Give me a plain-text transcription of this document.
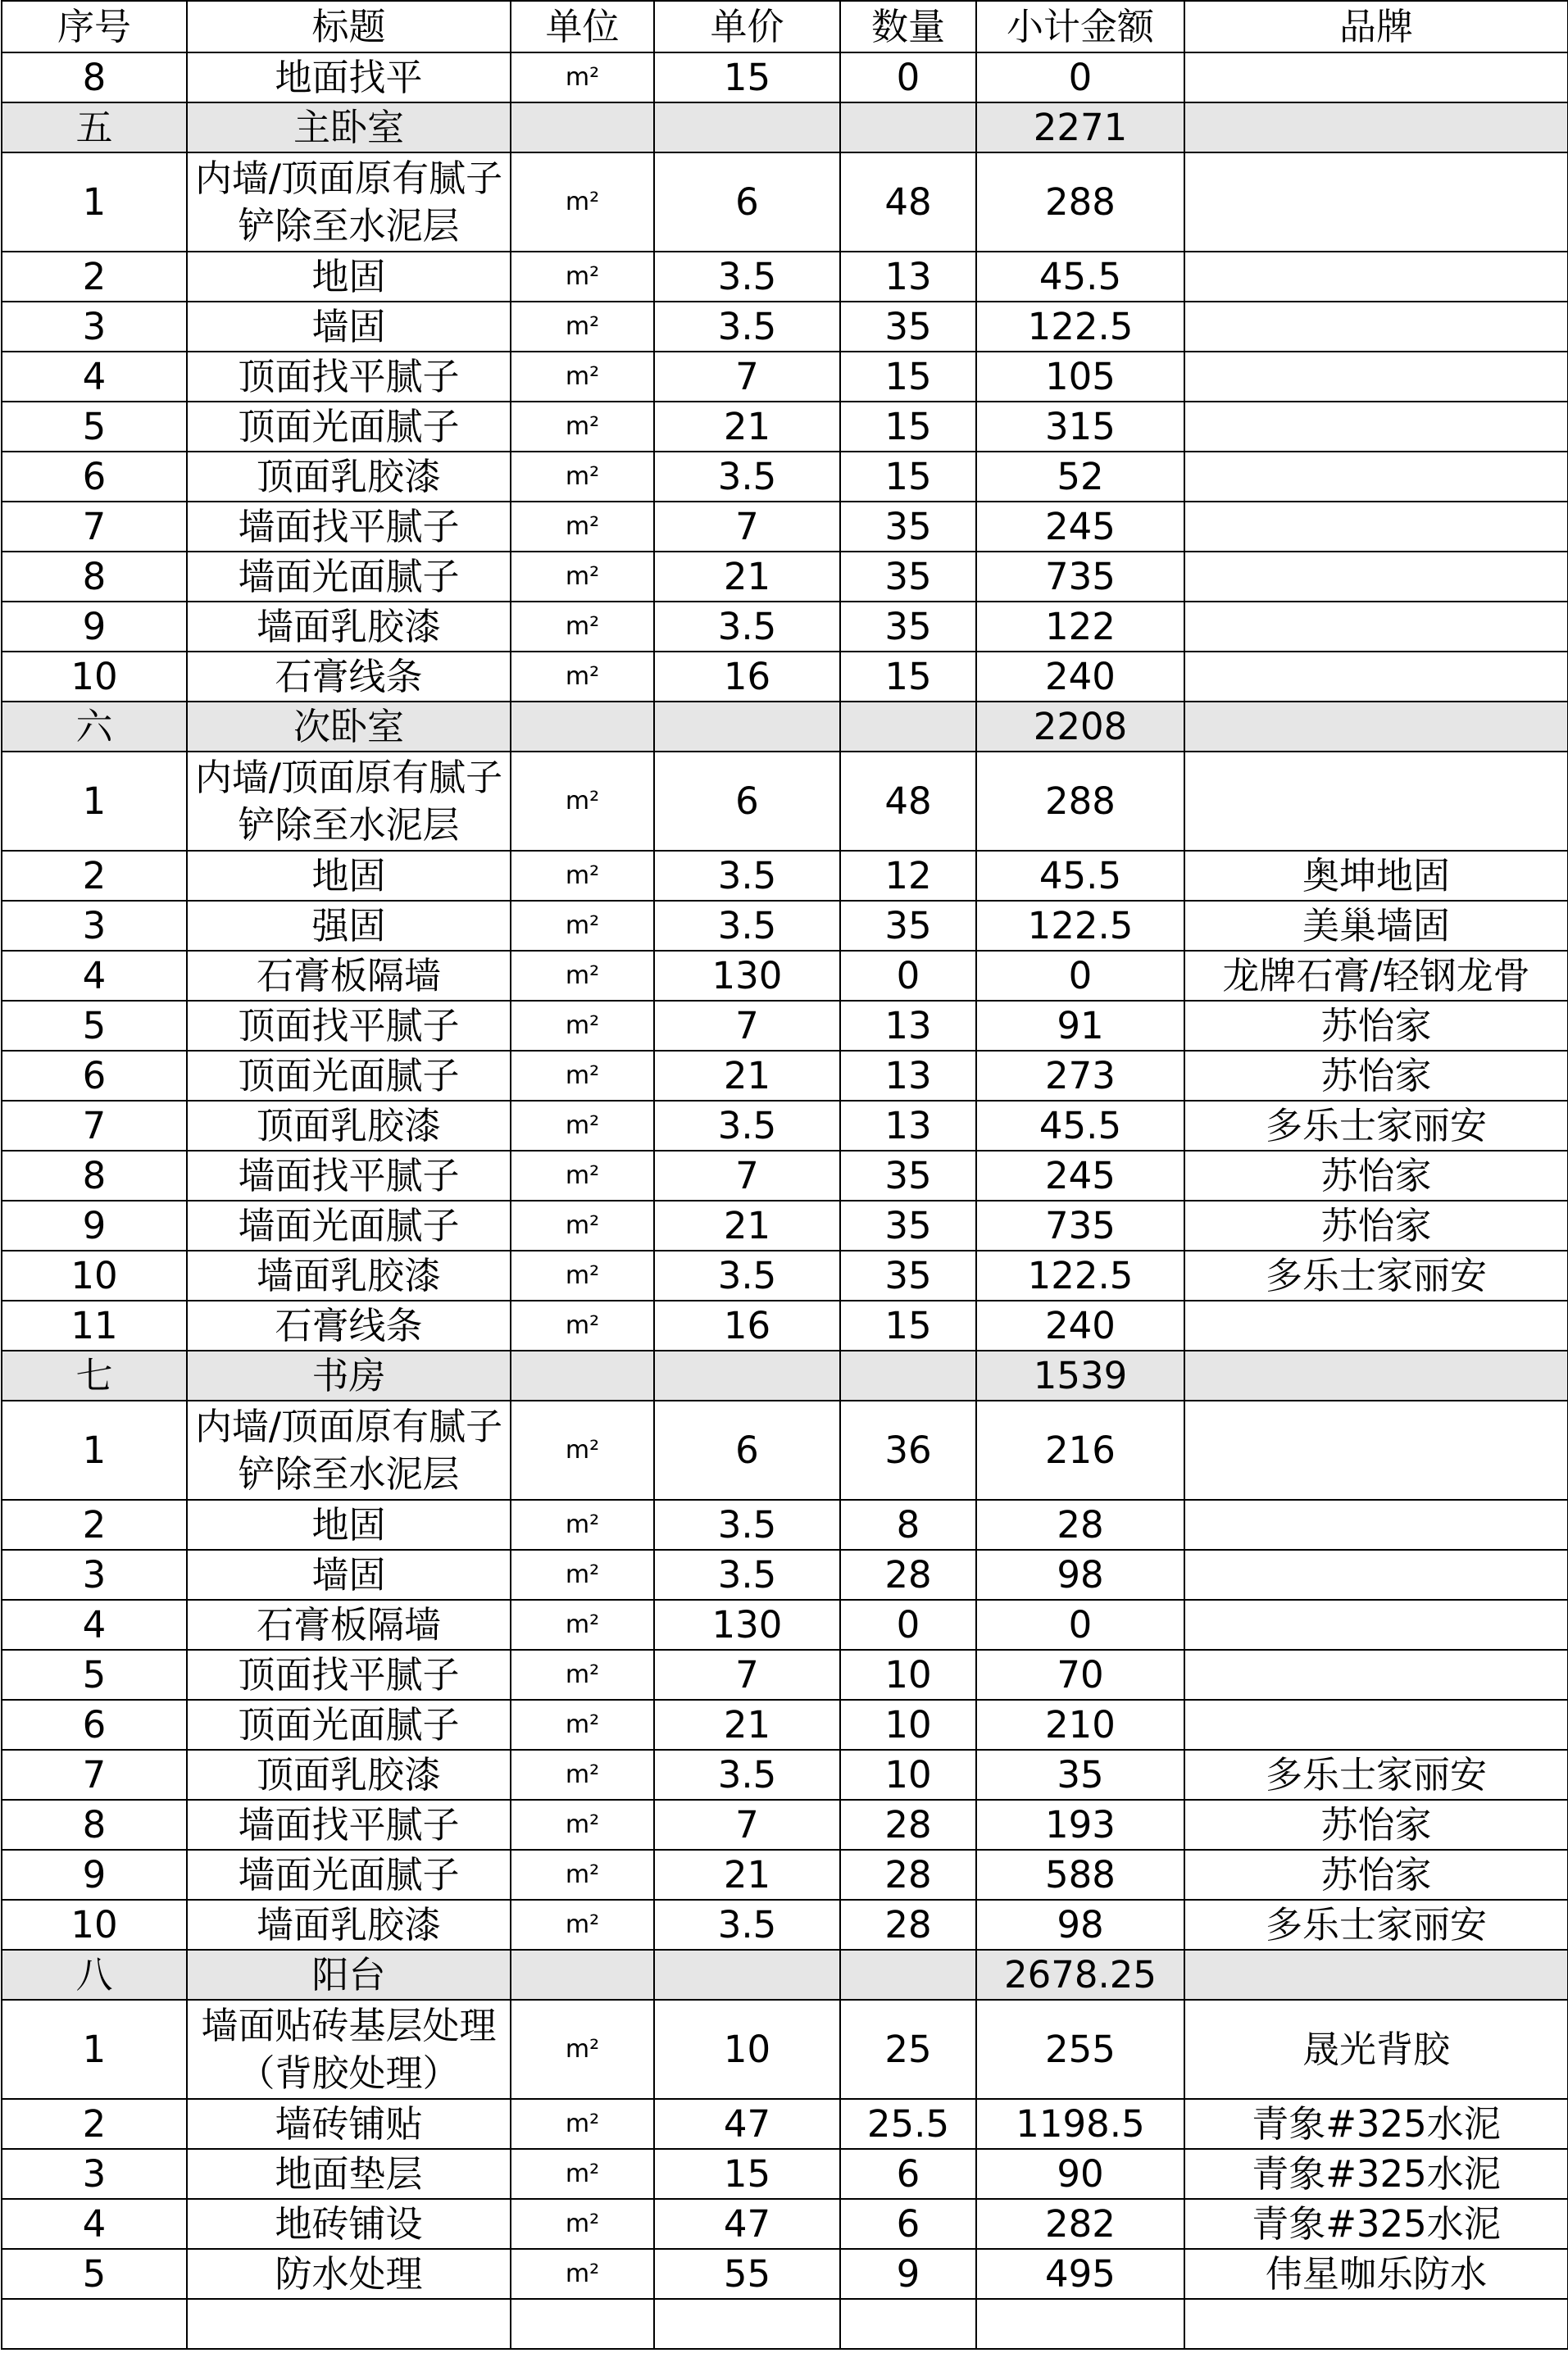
序号	标题	单位	单价	数量	小计金额	品牌
8	地面找平	m²	15	0	0	
五	主卧室				2271	
1	内墙/顶面原有腻子铲除至水泥层	m²	6	48	288	
2	地固	m²	3.5	13	45.5	
3	墙固	m²	3.5	35	122.5	
4	顶面找平腻子	m²	7	15	105	
5	顶面光面腻子	m²	21	15	315	
6	顶面乳胶漆	m²	3.5	15	52	
7	墙面找平腻子	m²	7	35	245	
8	墙面光面腻子	m²	21	35	735	
9	墙面乳胶漆	m²	3.5	35	122	
10	石膏线条	m²	16	15	240	
六	次卧室				2208	
1	内墙/顶面原有腻子铲除至水泥层	m²	6	48	288	
2	地固	m²	3.5	12	45.5	奥坤地固
3	强固	m²	3.5	35	122.5	美巢墙固
4	石膏板隔墙	m²	130	0	0	龙牌石膏/轻钢龙骨
5	顶面找平腻子	m²	7	13	91	苏怡家
6	顶面光面腻子	m²	21	13	273	苏怡家
7	顶面乳胶漆	m²	3.5	13	45.5	多乐士家丽安
8	墙面找平腻子	m²	7	35	245	苏怡家
9	墙面光面腻子	m²	21	35	735	苏怡家
10	墙面乳胶漆	m²	3.5	35	122.5	多乐士家丽安
11	石膏线条	m²	16	15	240	
七	书房				1539	
1	内墙/顶面原有腻子铲除至水泥层	m²	6	36	216	
2	地固	m²	3.5	8	28	
3	墙固	m²	3.5	28	98	
4	石膏板隔墙	m²	130	0	0	
5	顶面找平腻子	m²	7	10	70	
6	顶面光面腻子	m²	21	10	210	
7	顶面乳胶漆	m²	3.5	10	35	多乐士家丽安
8	墙面找平腻子	m²	7	28	193	苏怡家
9	墙面光面腻子	m²	21	28	588	苏怡家
10	墙面乳胶漆	m²	3.5	28	98	多乐士家丽安
八	阳台				2678.25	
1	墙面贴砖基层处理（背胶处理）	m²	10	25	255	晟光背胶
2	墙砖铺贴	m²	47	25.5	1198.5	青象#325水泥
3	地面垫层	m²	15	6	90	青象#325水泥
4	地砖铺设	m²	47	6	282	青象#325水泥
5	防水处理	m²	55	9	495	伟星咖乐防水
